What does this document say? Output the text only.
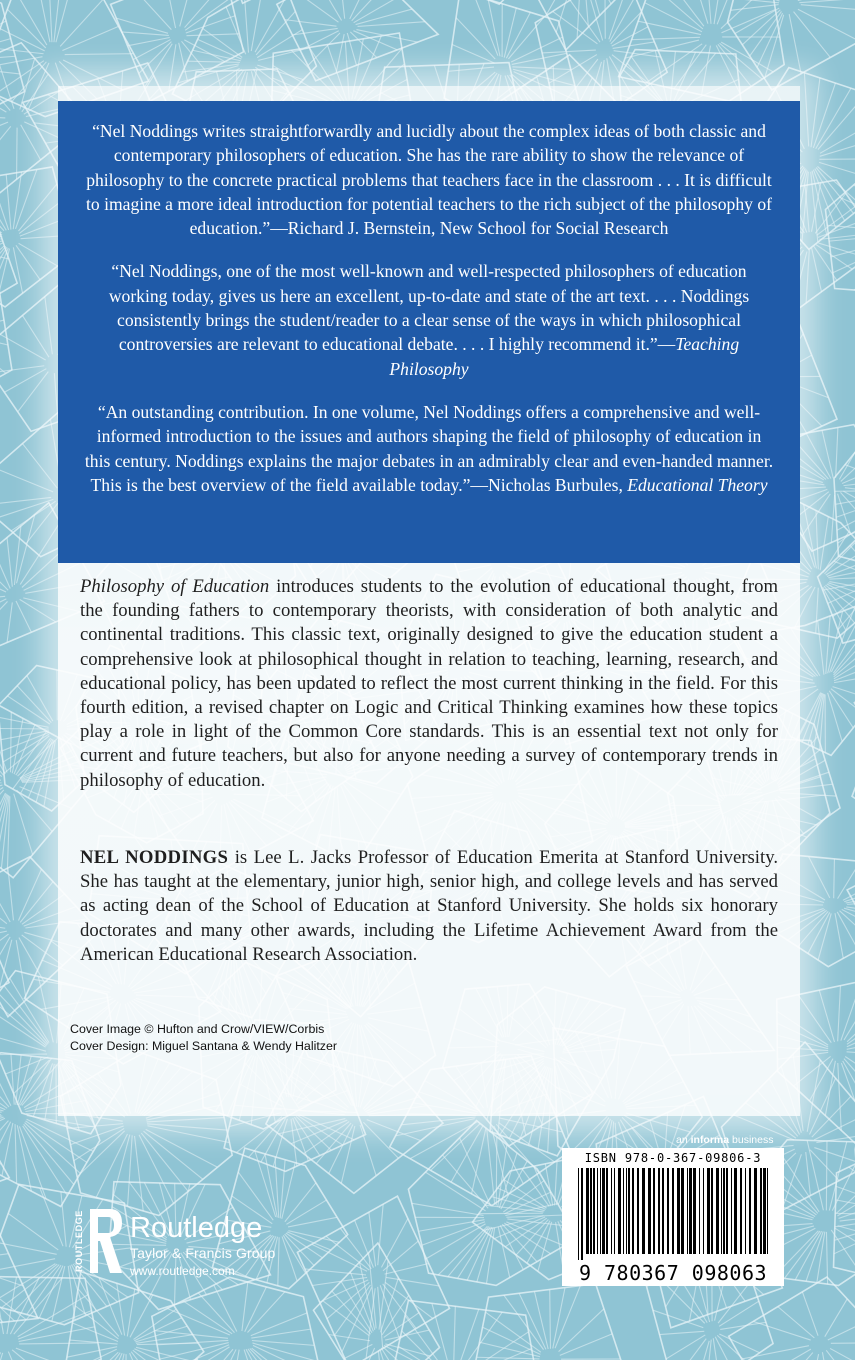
“Nel Noddings writes straightforwardly and lucidly about the complex ideas of both classic and contemporary philosophers of education. She has the rare ability to show the relevance of philosophy to the concrete practical problems that teachers face in the classroom . . . It is difficult to imagine a more ideal introduction for potential teachers to the rich subject of the philosophy of education.”—Richard J. Bernstein, New School for Social Research

“Nel Noddings, one of the most well-known and well-respected philosophers of education working today, gives us here an excellent, up-to-date and state of the art text. . . . Noddings consistently brings the student/reader to a clear sense of the ways in which philosophical controversies are relevant to educational debate. . . . I highly recommend it.”—Teaching Philosophy

“An outstanding contribution. In one volume, Nel Noddings offers a comprehensive and well-informed introduction to the issues and authors shaping the field of philosophy of education in this century. Noddings explains the major debates in an admirably clear and even-handed manner. This is the best overview of the field available today.”—Nicholas Burbules, Educational Theory

Philosophy of Education introduces students to the evolution of educational thought, from the founding fathers to contemporary theorists, with consideration of both analytic and continental traditions. This classic text, originally designed to give the education student a comprehensive look at philosophical thought in relation to teaching, learning, research, and educational policy, has been updated to reflect the most current thinking in the field. For this fourth edition, a revised chapter on Logic and Critical Thinking examines how these topics play a role in light of the Common Core standards. This is an essential text not only for current and future teachers, but also for anyone needing a survey of contemporary trends in philosophy of education.

NEL NODDINGS is Lee L. Jacks Professor of Education Emerita at Stanford University. She has taught at the elementary, junior high, senior high, and college levels and has served as acting dean of the School of Education at Stanford University. She holds six honorary doctorates and many other awards, including the Lifetime Achievement Award from the American Educational Research Association.

Cover Image © Hufton and Crow/VIEW/Corbis
Cover Design: Miguel Santana & Wendy Halitzer
an informa business
ISBN 978-0-367-09806-3
9 780367 098063
ROUTLEDGE Routledge
Taylor & Francis Group
www.routledge.com
